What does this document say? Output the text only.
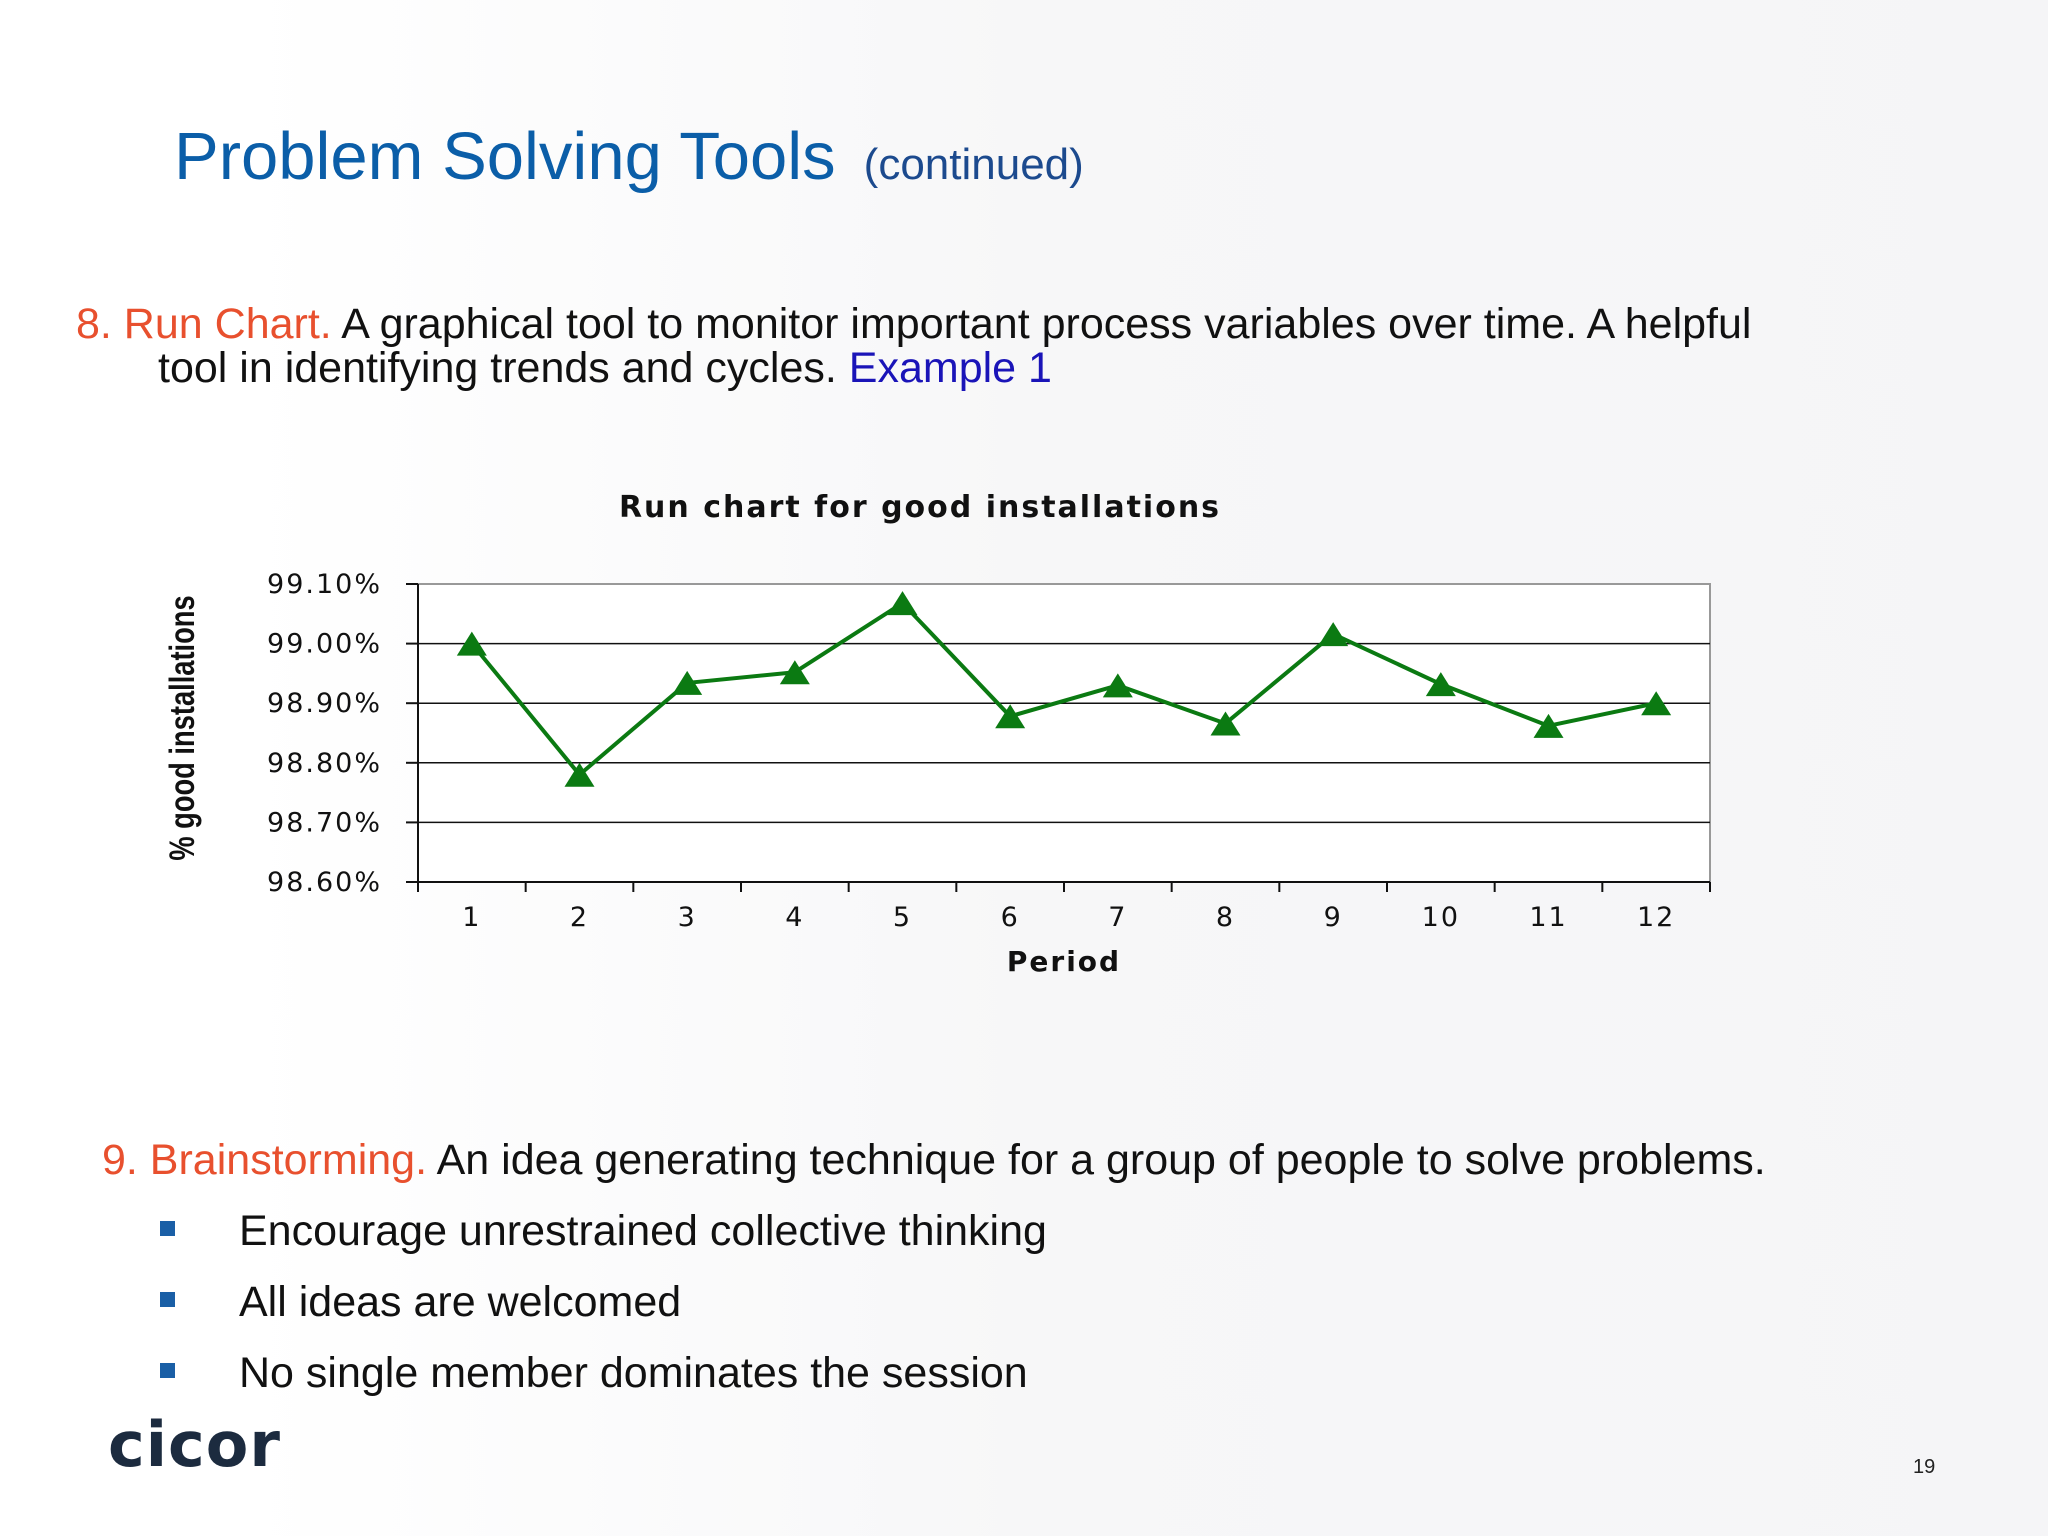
Problem Solving Tools (continued)
8. Run Chart. A graphical tool to monitor important process variables over time. A helpful
tool in identifying trends and cycles. Example 1
Run chart for good installations
98.60%
98.70%
98.80%
98.90%
99.00%
99.10%
1	2	3	4	5	6	7	8	9	10	11	12
Period
% good installations
9. Brainstorming. An idea generating technique for a group of people to solve problems.
Encourage unrestrained collective thinking
All ideas are welcomed
No single member dominates the session
cicor	19
